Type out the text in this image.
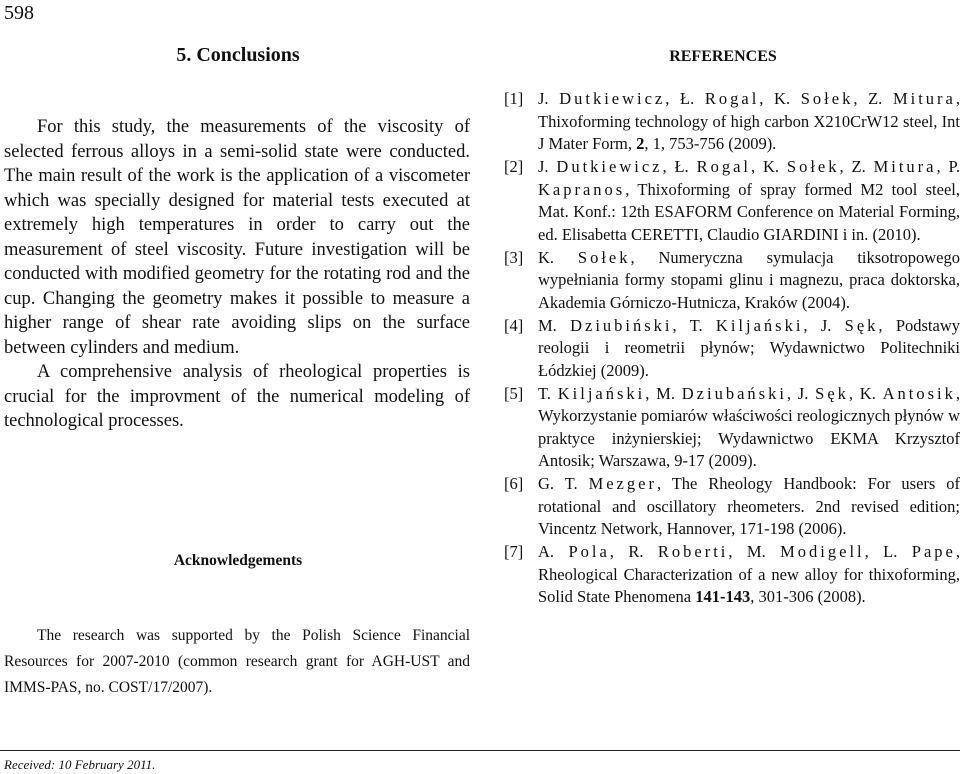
598
5. Conclusions

For this study, the measurements of the viscosity of selected ferrous alloys in a semi-solid state were conducted. The main result of the work is the application of a viscometer which was specially designed for material tests executed at extremely high temperatures in order to carry out the measurement of steel viscosity. Future investigation will be conducted with modified geometry for the rotating rod and the cup. Changing the geometry makes it possible to measure a higher range of shear rate avoiding slips on the surface between cylinders and medium.

A comprehensive analysis of rheological properties is crucial for the improvment of the numerical modeling of technological processes.

Acknowledgements

The research was supported by the Polish Science Financial Resources for 2007-2010 (common research grant for AGH-UST and IMMS-PAS, no. COST/17/2007).

REFERENCES
[1] J. Dutkiewicz, Ł. Rogal, K. Sołek, Z. Mitura, Thixoforming technology of high carbon X210CrW12 steel, Int J Mater Form, 2, 1, 753-756 (2009).
[2] J. Dutkiewicz, Ł. Rogal, K. Sołek, Z. Mitura, P. Kapranos, Thixoforming of spray formed M2 tool steel, Mat. Konf.: 12th ESAFORM Conference on Material Forming, ed. Elisabetta CERETTI, Claudio GIARDINI i in. (2010).
[3] K. Sołek, Numeryczna symulacja tiksotropowego wypełniania formy stopami glinu i magnezu, praca doktorska, Akademia Górniczo-Hutnicza, Kraków (2004).
[4] M. Dziubiński, T. Kiljański, J. Sęk, Podstawy reologii i reometrii płynów; Wydawnictwo Politechniki Łódzkiej (2009).
[5] T. Kiljański, M. Dziubański, J. Sęk, K. Antosik, Wykorzystanie pomiarów właściwości reologicznych płynów w praktyce inżynierskiej; Wydawnictwo EKMA Krzysztof Antosik; Warszawa, 9-17 (2009).
[6] G. T. Mezger, The Rheology Handbook: For users of rotational and oscillatory rheometers. 2nd revised edition; Vincentz Network, Hannover, 171-198 (2006).
[7] A. Pola, R. Roberti, M. Modigell, L. Pape, Rheological Characterization of a new alloy for thixoforming, Solid State Phenomena 141-143, 301-306 (2008).

Received: 10 February 2011.
